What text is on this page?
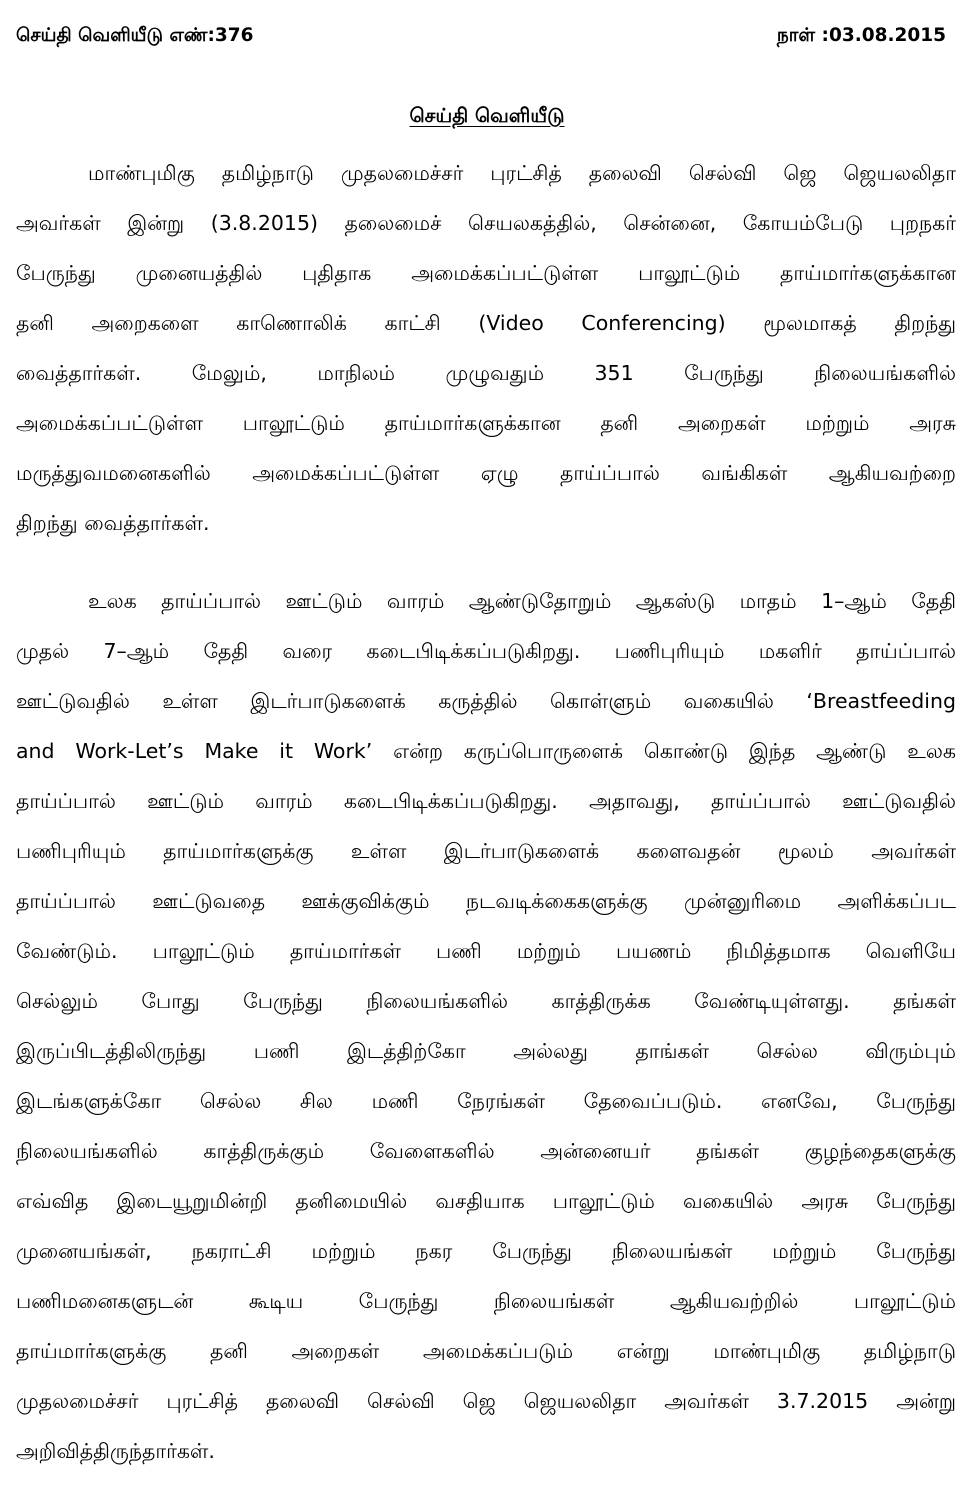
செய்தி வெளியீடு எண்:376	நாள் :03.08.2015
செய்தி வெளியீடு
மாண்புமிகு தமிழ்நாடு முதலமைச்சர் புரட்சித் தலைவி செல்வி ஜெ ஜெயலலிதா
அவர்கள் இன்று (3.8.2015) தலைமைச் செயலகத்தில், சென்னை, கோயம்பேடு புறநகர்
பேருந்து முனையத்தில் புதிதாக அமைக்கப்பட்டுள்ள பாலூட்டும் தாய்மார்களுக்கான
தனி அறைகளை காணொலிக் காட்சி (Video Conferencing) மூலமாகத் திறந்து
வைத்தார்கள். மேலும், மாநிலம் முழுவதும் 351 பேருந்து நிலையங்களில்
அமைக்கப்பட்டுள்ள பாலூட்டும் தாய்மார்களுக்கான தனி அறைகள் மற்றும் அரசு
மருத்துவமனைகளில் அமைக்கப்பட்டுள்ள ஏழு தாய்ப்பால் வங்கிகள் ஆகியவற்றை
திறந்து வைத்தார்கள்.
உலக தாய்ப்பால் ஊட்டும் வாரம் ஆண்டுதோறும் ஆகஸ்டு மாதம் 1–ஆம் தேதி
முதல் 7–ஆம் தேதி வரை கடைபிடிக்கப்படுகிறது. பணிபுரியும் மகளிர் தாய்ப்பால்
ஊட்டுவதில் உள்ள இடர்பாடுகளைக் கருத்தில் கொள்ளும் வகையில் ‘Breastfeeding
and Work-Let’s Make it Work’ என்ற கருப்பொருளைக் கொண்டு இந்த ஆண்டு உலக
தாய்ப்பால் ஊட்டும் வாரம் கடைபிடிக்கப்படுகிறது. அதாவது, தாய்ப்பால் ஊட்டுவதில்
பணிபுரியும் தாய்மார்களுக்கு உள்ள இடர்பாடுகளைக் களைவதன் மூலம் அவர்கள்
தாய்ப்பால் ஊட்டுவதை ஊக்குவிக்கும் நடவடிக்கைகளுக்கு முன்னுரிமை அளிக்கப்பட
வேண்டும். பாலூட்டும் தாய்மார்கள் பணி மற்றும் பயணம் நிமித்தமாக வெளியே
செல்லும் போது பேருந்து நிலையங்களில் காத்திருக்க வேண்டியுள்ளது. தங்கள்
இருப்பிடத்திலிருந்து பணி இடத்திற்கோ அல்லது தாங்கள் செல்ல விரும்பும்
இடங்களுக்கோ செல்ல சில மணி நேரங்கள் தேவைப்படும். எனவே, பேருந்து
நிலையங்களில் காத்திருக்கும் வேளைகளில் அன்னையர் தங்கள் குழந்தைகளுக்கு
எவ்வித இடையூறுமின்றி தனிமையில் வசதியாக பாலூட்டும் வகையில் அரசு பேருந்து
முனையங்கள், நகராட்சி மற்றும் நகர பேருந்து நிலையங்கள் மற்றும் பேருந்து
பணிமனைகளுடன் கூடிய பேருந்து நிலையங்கள் ஆகியவற்றில் பாலூட்டும்
தாய்மார்களுக்கு தனி அறைகள் அமைக்கப்படும் என்று மாண்புமிகு தமிழ்நாடு
முதலமைச்சர் புரட்சித் தலைவி செல்வி ஜெ ஜெயலலிதா அவர்கள் 3.7.2015 அன்று
அறிவித்திருந்தார்கள்.
